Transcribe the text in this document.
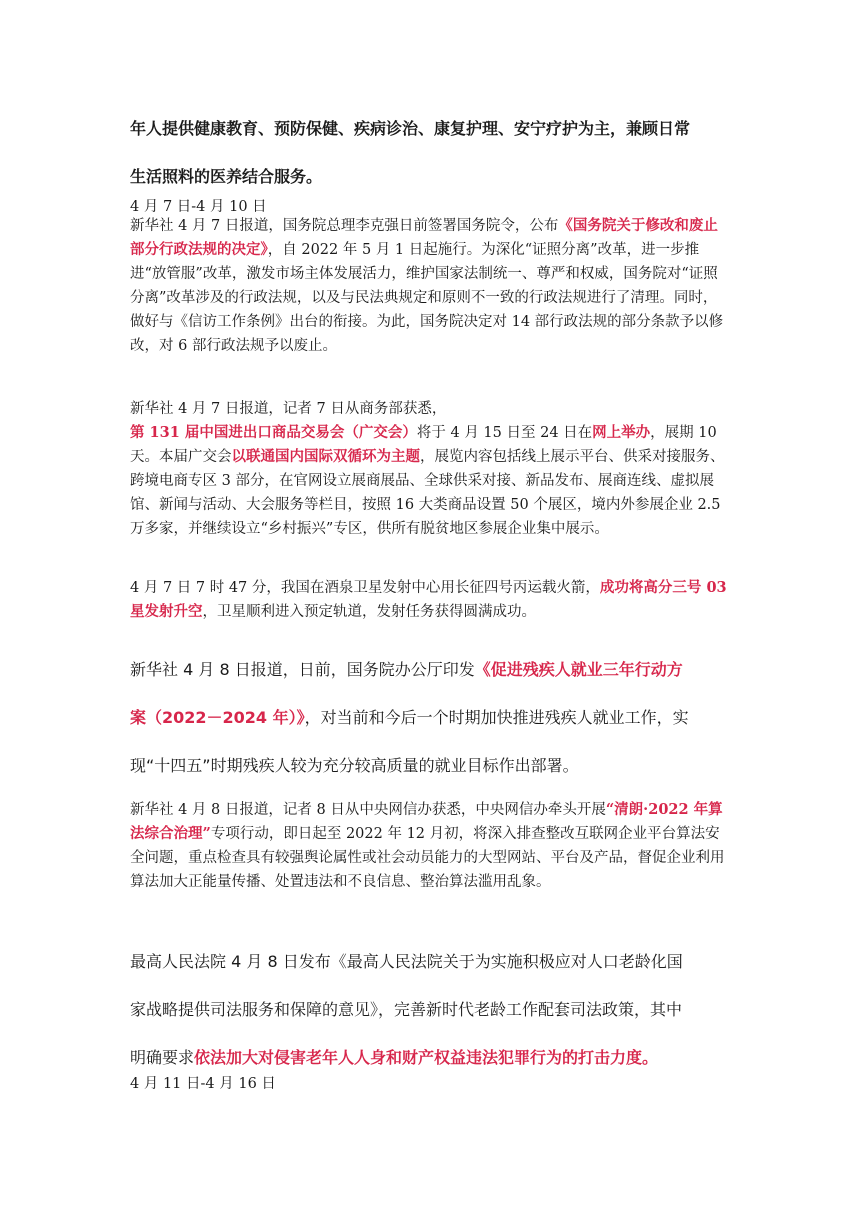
年人提供健康教育、预防保健、疾病诊治、康复护理、安宁疗护为主，兼顾日常
生活照料的医养结合服务。

4 月 7 日-4 月 10 日

新华社 4 月 7 日报道，国务院总理李克强日前签署国务院令，公布《国务院关于修改和废止部分行政法规的决定》，自 2022 年 5 月 1 日起施行。为深化“证照分离”改革，进一步推进“放管服”改革，激发市场主体发展活力，维护国家法制统一、尊严和权威，国务院对“证照分离”改革涉及的行政法规，以及与民法典规定和原则不一致的行政法规进行了清理。同时，做好与《信访工作条例》出台的衔接。为此，国务院决定对 14 部行政法规的部分条款予以修改，对 6 部行政法规予以废止。

新华社 4 月 7 日报道，记者 7 日从商务部获悉，第 131 届中国进出口商品交易会（广交会）将于 4 月 15 日至 24 日在网上举办，展期 10 天。本届广交会以联通国内国际双循环为主题，展览内容包括线上展示平台、供采对接服务、跨境电商专区 3 部分，在官网设立展商展品、全球供采对接、新品发布、展商连线、虚拟展馆、新闻与活动、大会服务等栏目，按照 16 大类商品设置 50 个展区，境内外参展企业 2.5 万多家，并继续设立“乡村振兴”专区，供所有脱贫地区参展企业集中展示。

4 月 7 日 7 时 47 分，我国在酒泉卫星发射中心用长征四号丙运载火箭，成功将高分三号 03 星发射升空，卫星顺利进入预定轨道，发射任务获得圆满成功。

新华社 4 月 8 日报道，日前，国务院办公厅印发《促进残疾人就业三年行动方
案（2022－2024 年）》，对当前和今后一个时期加快推进残疾人就业工作，实
现“十四五”时期残疾人较为充分较高质量的就业目标作出部署。

新华社 4 月 8 日报道，记者 8 日从中央网信办获悉，中央网信办牵头开展“清朗·2022 年算法综合治理”专项行动，即日起至 2022 年 12 月初，将深入排查整改互联网企业平台算法安全问题，重点检查具有较强舆论属性或社会动员能力的大型网站、平台及产品，督促企业利用算法加大正能量传播、处置违法和不良信息、整治算法滥用乱象。

最高人民法院 4 月 8 日发布《最高人民法院关于为实施积极应对人口老龄化国
家战略提供司法服务和保障的意见》，完善新时代老龄工作配套司法政策，其中
明确要求依法加大对侵害老年人人身和财产权益违法犯罪行为的打击力度。

4 月 11 日-4 月 16 日
